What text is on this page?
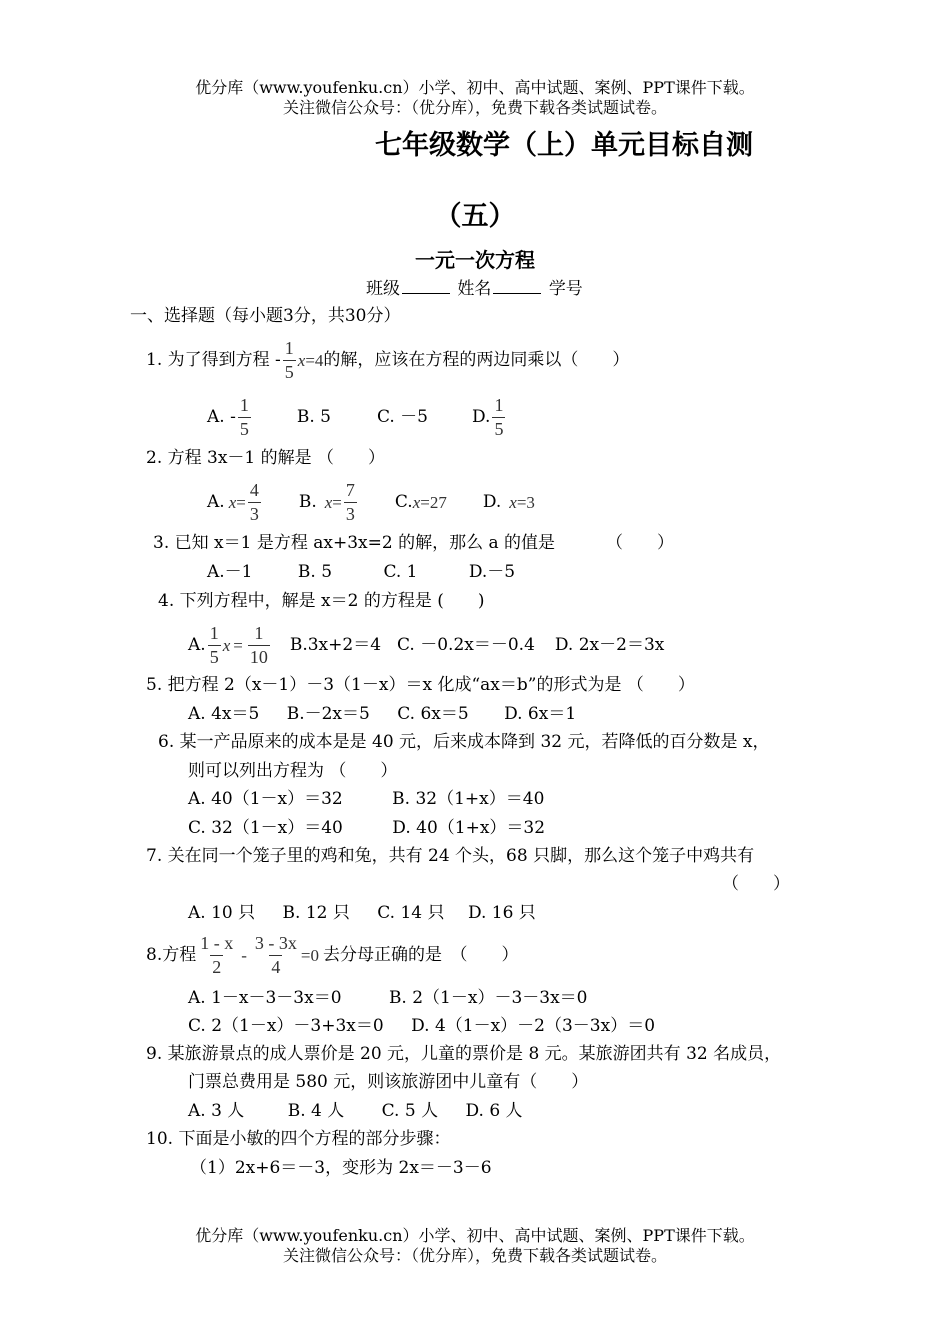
优分库（www.youfenku.cn）小学、初中、高中试题、案例、PPT课件下载。
关注微信公众号：（优分库），免费下载各类试题试卷。
七年级数学（上）单元目标自测
（五）
一元一次方程
班级	姓名	学号
一、选择题（每小题3分，共30分）
1. 为了得到方程 - $\frac{1}{5}$ x =4 的解，应该在方程的两边同乘以（　　）
A. - $\frac{1}{5}$	B. 5	C. －5	D. $\frac{1}{5}$
2. 方程 3x－1 的解是 （　　）
A. $x = \frac{4}{3} B$. $x = \frac{7}{3} C$. x =27 D. x =3
3. 已知 x＝1 是方程 ax+3x=2 的解，那么 a 的值是	（　　）
A.－1	B. 5	C. 1	D.－5
4. 下列方程中，解是 x＝2 的方程是 (　　)
A. $\frac{1}{5}$ $x = \frac{1}{10} B.3x+2=4$ C. －0.2x＝－0.4 D. 2x－2＝3x
5. 把方程 2（x－1）－3（1－x）＝x 化成“ax＝b”的形式为是 （　　）
A. 4x＝5 B.－2x＝5 C. 6x＝5 D. 6x＝1
6. 某一产品原来的成本是是 40 元，后来成本降到 32 元，若降低的百分数是 x，
则可以列出方程为 （　　）
A. 40（1－x）＝32	B. 32（1+x）＝40
C. 32（1－x）＝40	D. 40（1+x）＝32
7. 关在同一个笼子里的鸡和兔，共有 24 个头，68 只脚，那么这个笼子中鸡共有
（　　）
A. 10 只 B. 12 只 C. 14 只 D. 16 只
8.方程 $\frac{1 - x}{2} - \frac{3 - 3x}{4} =0$ 去分母正确的是　（　　）
A. 1－x－3－3x＝0	B. 2（1－x）－3－3x＝0
C. 2（1－x）－3+3x＝0 D. 4（1－x）－2（3－3x）＝0
9. 某旅游景点的成人票价是 20 元，儿童的票价是 8 元。某旅游团共有 32 名成员，
门票总费用是 580 元，则该旅游团中儿童有（　　）
A. 3 人	B. 4 人 C. 5 人 D. 6 人
10. 下面是小敏的四个方程的部分步骤：
（1）2x+6＝－3，变形为 2x＝－3－6
优分库（www.youfenku.cn）小学、初中、高中试题、案例、PPT课件下载。
关注微信公众号：（优分库），免费下载各类试题试卷。
